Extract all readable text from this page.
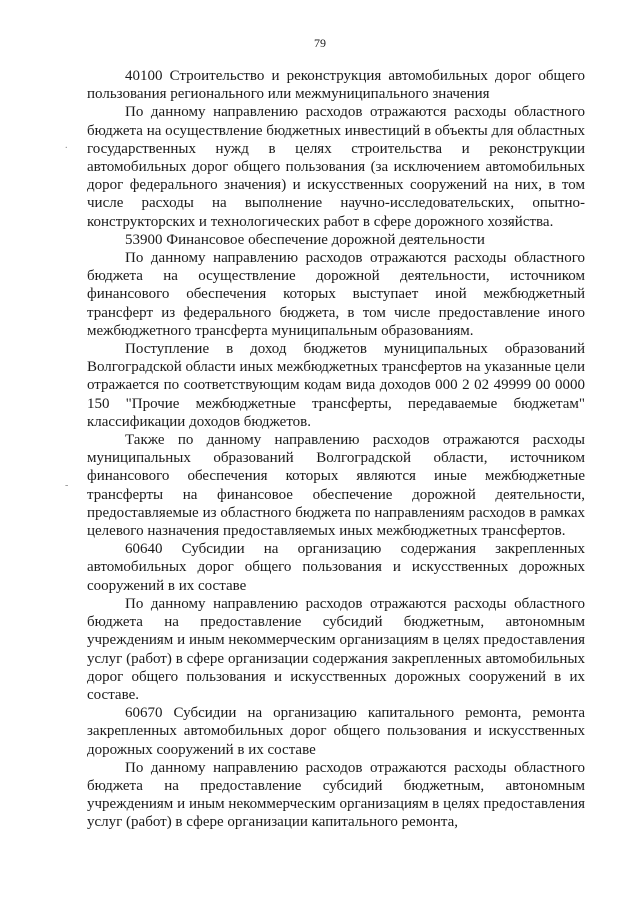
79
.
-

40100 Строительство и реконструкция автомобильных дорог общего пользования регионального или межмуниципального значения

По данному направлению расходов отражаются расходы областного бюджета на осуществление бюджетных инвестиций в объекты для областных государственных нужд в целях строительства и реконструкции автомобильных дорог общего пользования (за исключением автомобильных дорог федерального значения) и искусственных сооружений на них, в том числе расходы на выполнение научно-исследовательских, опытно-конструкторских и технологических работ в сфере дорожного хозяйства.

53900 Финансовое обеспечение дорожной деятельности

По данному направлению расходов отражаются расходы областного бюджета на осуществление дорожной деятельности, источником финансового обеспечения которых выступает иной межбюджетный трансферт из федерального бюджета, в том числе предоставление иного межбюджетного трансферта муниципальным образованиям.

Поступление в доход бюджетов муниципальных образований Волгоградской области иных межбюджетных трансфертов на указанные цели отражается по соответствующим кодам вида доходов 000 2 02 49999 00 0000 150 "Прочие межбюджетные трансферты, передаваемые бюджетам" классификации доходов бюджетов.

Также по данному направлению расходов отражаются расходы муниципальных образований Волгоградской области, источником финансового обеспечения которых являются иные межбюджетные трансферты на финансовое обеспечение дорожной деятельности, предоставляемые из областного бюджета по направлениям расходов в рамках целевого назначения предоставляемых иных межбюджетных трансфертов.

60640 Субсидии на организацию содержания закрепленных автомобильных дорог общего пользования и искусственных дорожных сооружений в их составе

По данному направлению расходов отражаются расходы областного бюджета на предоставление субсидий бюджетным, автономным учреждениям и иным некоммерческим организациям в целях предоставления услуг (работ) в сфере организации содержания закрепленных автомобильных дорог общего пользования и искусственных дорожных сооружений в их составе.

60670 Субсидии на организацию капитального ремонта, ремонта закрепленных автомобильных дорог общего пользования и искусственных дорожных сооружений в их составе

По данному направлению расходов отражаются расходы областного бюджета на предоставление субсидий бюджетным, автономным учреждениям и иным некоммерческим организациям в целях предоставления услуг (работ) в сфере организации капитального ремонта,
